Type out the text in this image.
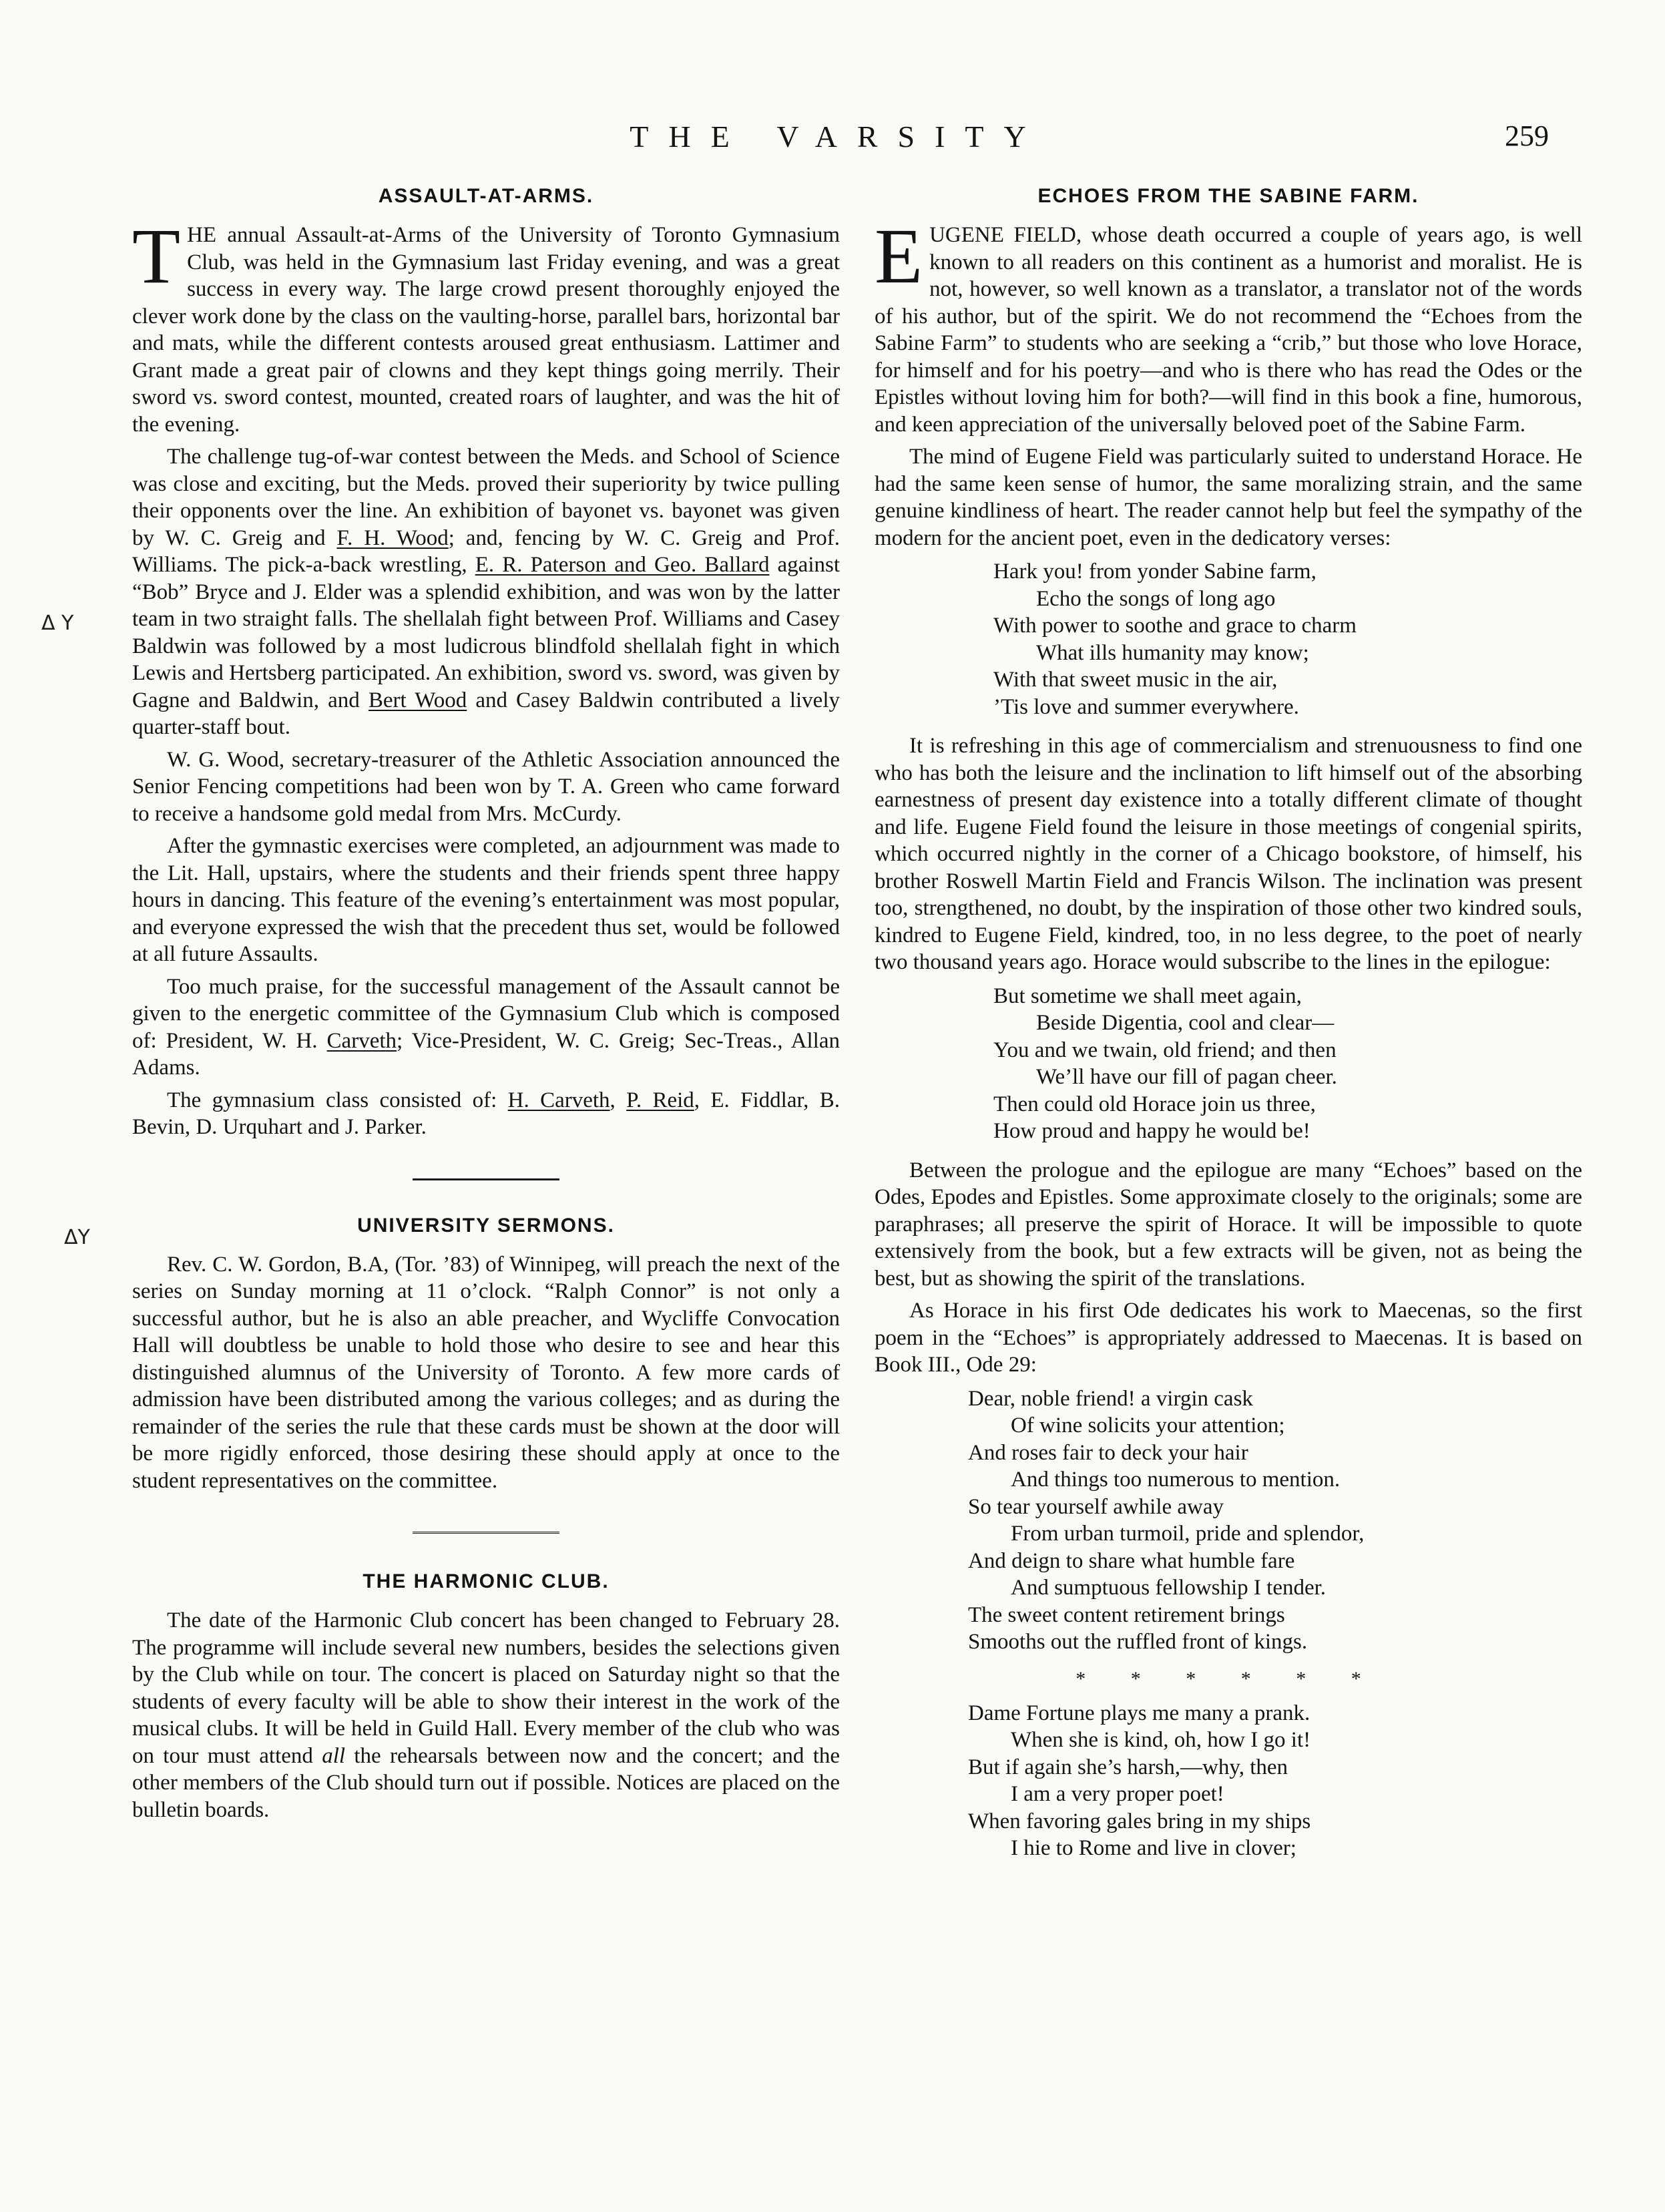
THE VARSITY	259
Δ Υ
ΔΥ
ASSAULT-AT-ARMS.

THE annual Assault-at-Arms of the University of Toronto Gymnasium Club, was held in the Gymnasium last Friday evening, and was a great success in every way. The large crowd present thoroughly enjoyed the clever work done by the class on the vaulting-horse, parallel bars, horizontal bar and mats, while the different contests aroused great enthusiasm. Lattimer and Grant made a great pair of clowns and they kept things going merrily. Their sword vs. sword contest, mounted, created roars of laughter, and was the hit of the evening.

The challenge tug-of-war contest between the Meds. and School of Science was close and exciting, but the Meds. proved their superiority by twice pulling their opponents over the line. An exhibition of bayonet vs. bayonet was given by W. C. Greig and F. H. Wood; and, fencing by W. C. Greig and Prof. Williams. The pick-a-back wrestling, E. R. Paterson and Geo. Ballard against “Bob” Bryce and J. Elder was a splendid exhibition, and was won by the latter team in two straight falls. The shellalah fight between Prof. Williams and Casey Baldwin was followed by a most ludicrous blindfold shellalah fight in which Lewis and Hertsberg participated. An exhibition, sword vs. sword, was given by Gagne and Baldwin, and Bert Wood and Casey Baldwin contributed a lively quarter-staff bout.

W. G. Wood, secretary-treasurer of the Athletic Association announced the Senior Fencing competitions had been won by T. A. Green who came forward to receive a handsome gold medal from Mrs. McCurdy.

After the gymnastic exercises were completed, an adjournment was made to the Lit. Hall, upstairs, where the students and their friends spent three happy hours in dancing. This feature of the evening’s entertainment was most popular, and everyone expressed the wish that the precedent thus set, would be followed at all future Assaults.

Too much praise, for the successful management of the Assault cannot be given to the energetic committee of the Gymnasium Club which is composed of: President, W. H. Carveth; Vice-President, W. C. Greig; Sec-Treas., Allan Adams.

The gymnasium class consisted of: H. Carveth, P. Reid, E. Fiddlar, B. Bevin, D. Urquhart and J. Parker.

UNIVERSITY SERMONS.

Rev. C. W. Gordon, B.A, (Tor. ’83) of Winnipeg, will preach the next of the series on Sunday morning at 11 o’clock. “Ralph Connor” is not only a successful author, but he is also an able preacher, and Wycliffe Convocation Hall will doubtless be unable to hold those who desire to see and hear this distinguished alumnus of the University of Toronto. A few more cards of admission have been distributed among the various colleges; and as during the remainder of the series the rule that these cards must be shown at the door will be more rigidly enforced, those desiring these should apply at once to the student representatives on the committee.

THE HARMONIC CLUB.

The date of the Harmonic Club concert has been changed to February 28. The programme will include several new numbers, besides the selections given by the Club while on tour. The concert is placed on Saturday night so that the students of every faculty will be able to show their interest in the work of the musical clubs. It will be held in Guild Hall. Every member of the club who was on tour must attend all the rehearsals between now and the concert; and the other members of the Club should turn out if possible. Notices are placed on the bulletin boards.

ECHOES FROM THE SABINE FARM.

EUGENE FIELD, whose death occurred a couple of years ago, is well known to all readers on this continent as a humorist and moralist. He is not, however, so well known as a translator, a translator not of the words of his author, but of the spirit. We do not recommend the “Echoes from the Sabine Farm” to students who are seeking a “crib,” but those who love Horace, for himself and for his poetry—and who is there who has read the Odes or the Epistles without loving him for both?—will find in this book a fine, humorous, and keen appreciation of the universally beloved poet of the Sabine Farm.

The mind of Eugene Field was particularly suited to understand Horace. He had the same keen sense of humor, the same moralizing strain, and the same genuine kindliness of heart. The reader cannot help but feel the sympathy of the modern for the ancient poet, even in the dedicatory verses:

Hark you! from yonder Sabine farm,
Echo the songs of long ago
With power to soothe and grace to charm
What ills humanity may know;
With that sweet music in the air,
’Tis love and summer everywhere.

It is refreshing in this age of commercialism and strenuousness to find one who has both the leisure and the inclination to lift himself out of the absorbing earnestness of present day existence into a totally different climate of thought and life. Eugene Field found the leisure in those meetings of congenial spirits, which occurred nightly in the corner of a Chicago bookstore, of himself, his brother Roswell Martin Field and Francis Wilson. The inclination was present too, strengthened, no doubt, by the inspiration of those other two kindred souls, kindred to Eugene Field, kindred, too, in no less degree, to the poet of nearly two thousand years ago. Horace would subscribe to the lines in the epilogue:

But sometime we shall meet again,
Beside Digentia, cool and clear—
You and we twain, old friend; and then
We’ll have our fill of pagan cheer.
Then could old Horace join us three,
How proud and happy he would be!

Between the prologue and the epilogue are many “Echoes” based on the Odes, Epodes and Epistles. Some approximate closely to the originals; some are paraphrases; all preserve the spirit of Horace. It will be impossible to quote extensively from the book, but a few extracts will be given, not as being the best, but as showing the spirit of the translations.

As Horace in his first Ode dedicates his work to Maecenas, so the first poem in the “Echoes” is appropriately addressed to Maecenas. It is based on Book III., Ode 29:

Dear, noble friend! a virgin cask
Of wine solicits your attention;
And roses fair to deck your hair
And things too numerous to mention.
So tear yourself awhile away
From urban turmoil, pride and splendor,
And deign to share what humble fare
And sumptuous fellowship I tender.
The sweet content retirement brings
Smooths out the ruffled front of kings.
* * * * * *
Dame Fortune plays me many a prank.
When she is kind, oh, how I go it!
But if again she’s harsh,—why, then
I am a very proper poet!
When favoring gales bring in my ships
I hie to Rome and live in clover;
